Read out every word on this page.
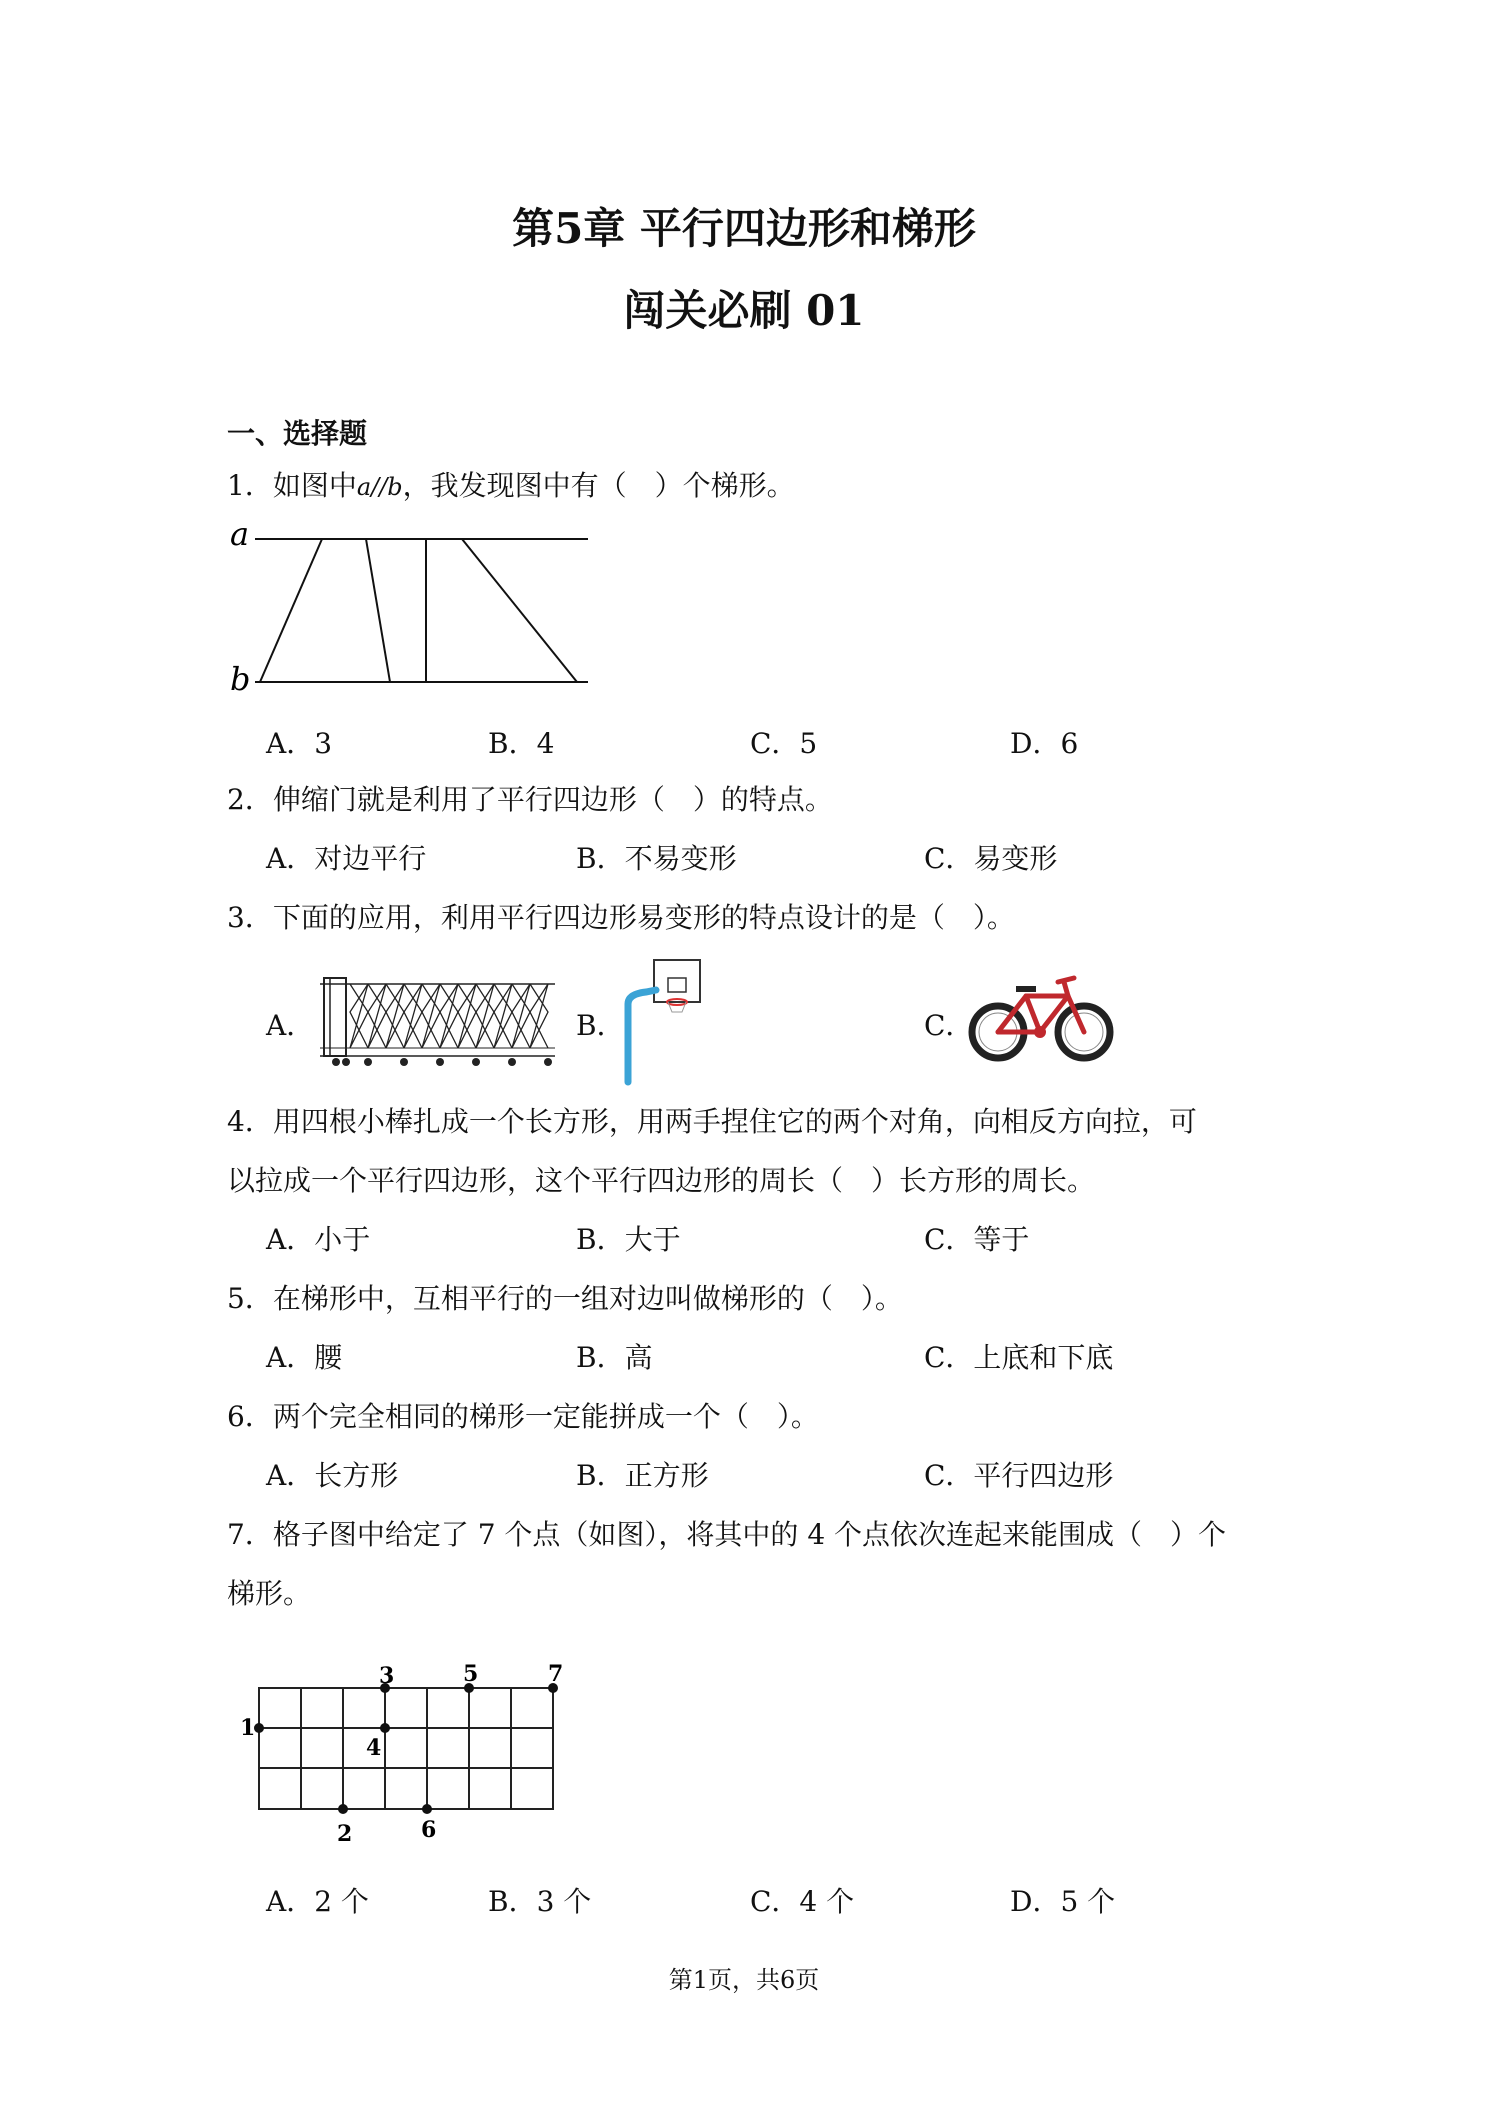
第5章 平行四边形和梯形
闯关必刷 01
一、选择题
1．如图中a//b，我发现图中有（　）个梯形。
a
b
A．3	B．4	C．5	D．6
2．伸缩门就是利用了平行四边形（　）的特点。
A．对边平行	B．不易变形	C．易变形
3．下面的应用，利用平行四边形易变形的特点设计的是（　）。
A．	B．	C．
4．用四根小棒扎成一个长方形，用两手捏住它的两个对角，向相反方向拉，可
以拉成一个平行四边形，这个平行四边形的周长（　）长方形的周长。
A．小于	B．大于	C．等于
5．在梯形中，互相平行的一组对边叫做梯形的（　）。
A．腰	B．高	C．上底和下底
6．两个完全相同的梯形一定能拼成一个（　）。
A．长方形	B．正方形	C．平行四边形
7．格子图中给定了 7 个点（如图），将其中的 4 个点依次连起来能围成（　）个
梯形。
1
2
3
4
5
6
7
A．2 个	B．3 个	C．4 个	D．5 个
第1页，共6页
